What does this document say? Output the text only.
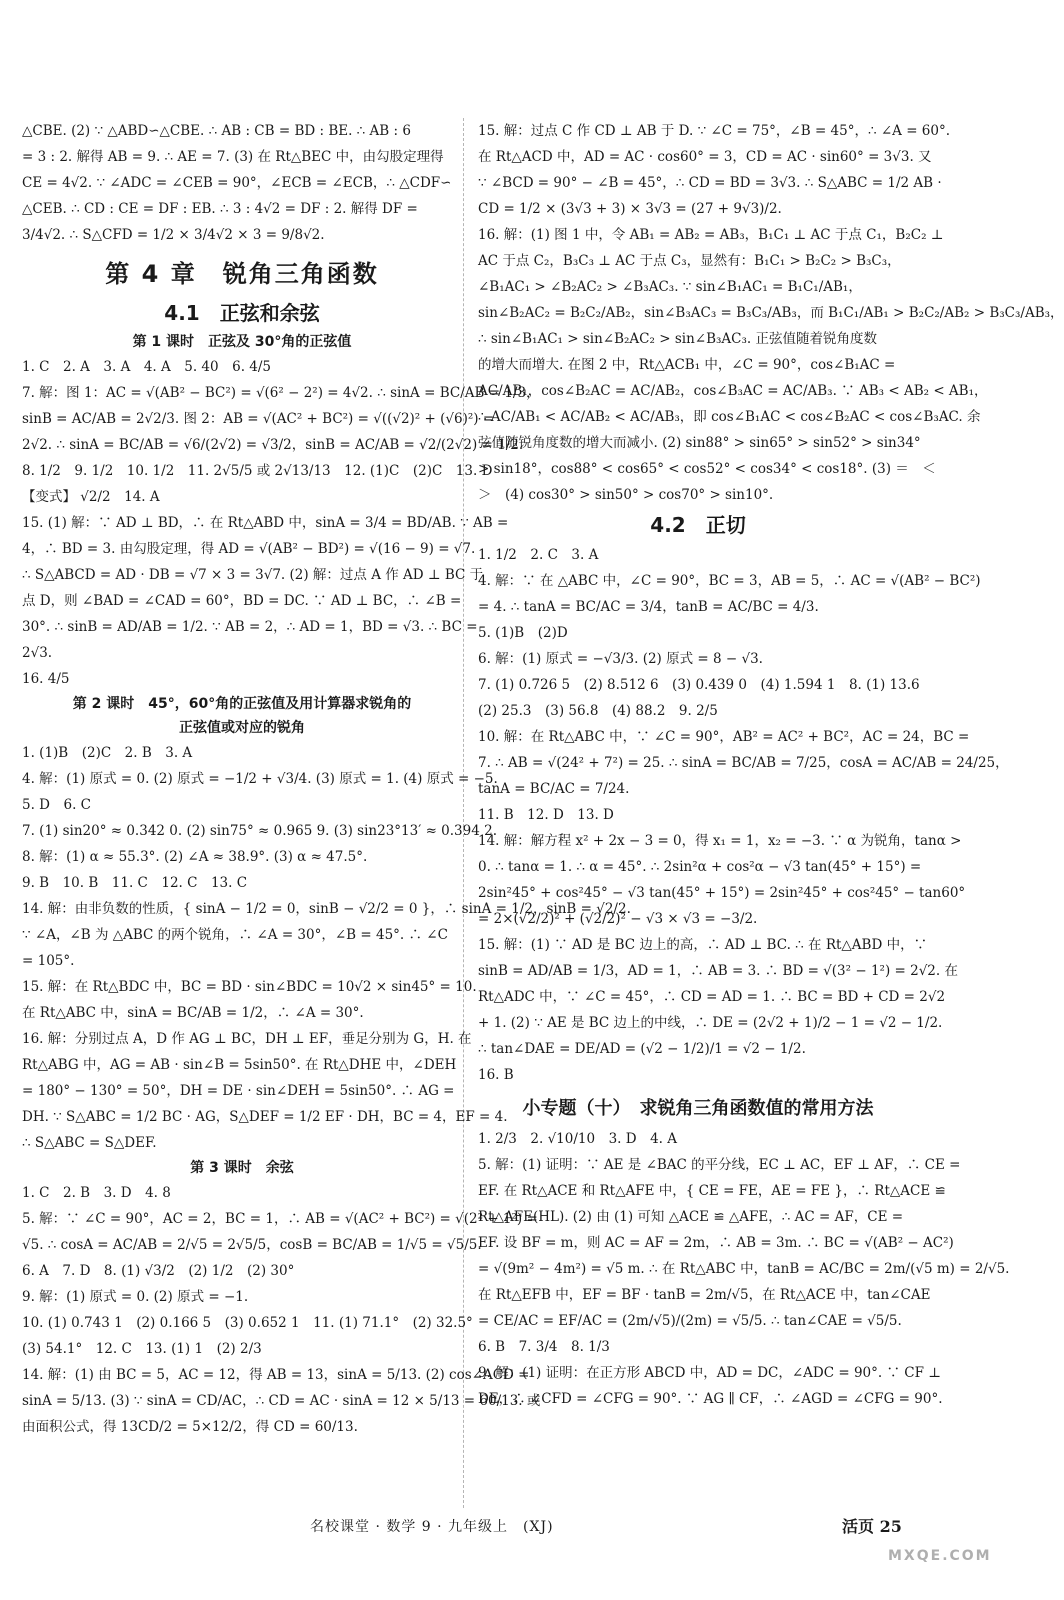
△CBE. (2) ∵ △ABD∽△CBE. ∴ AB : CB = BD : BE. ∴ AB : 6
= 3 : 2. 解得 AB = 9. ∴ AE = 7. (3) 在 Rt△BEC 中，由勾股定理得
CE = 4√2. ∵ ∠ADC = ∠CEB = 90°，∠ECB = ∠ECB，∴ △CDF∽
△CEB. ∴ CD : CE = DF : EB. ∴ 3 : 4√2 = DF : 2. 解得 DF =
3/4√2. ∴ S△CFD = 1/2 × 3/4√2 × 3 = 9/8√2.
第 4 章　锐角三角函数
4.1　正弦和余弦
第 1 课时　正弦及 30°角的正弦值
1. C　2. A　3. A　4. A　5. 40　6. 4/5
7. 解：图 1：AC = √(AB² − BC²) = √(6² − 2²) = 4√2. ∴ sinA = BC/AB = 1/3，
sinB = AC/AB = 2√2/3. 图 2：AB = √(AC² + BC²) = √((√2)² + (√6)²) =
2√2. ∴ sinA = BC/AB = √6/(2√2) = √3/2，sinB = AC/AB = √2/(2√2) = 1/2.
8. 1/2　9. 1/2　10. 1/2　11. 2√5/5 或 2√13/13　12. (1)C　(2)C　13. D
【变式】 √2/2　14. A
15. (1) 解：∵ AD ⊥ BD，∴ 在 Rt△ABD 中，sinA = 3/4 = BD/AB. ∵ AB =
4，∴ BD = 3. 由勾股定理，得 AD = √(AB² − BD²) = √(16 − 9) = √7.
∴ S△ABCD = AD · DB = √7 × 3 = 3√7. (2) 解：过点 A 作 AD ⊥ BC 于
点 D，则 ∠BAD = ∠CAD = 60°，BD = DC. ∵ AD ⊥ BC，∴ ∠B =
30°. ∴ sinB = AD/AB = 1/2. ∵ AB = 2，∴ AD = 1，BD = √3. ∴ BC =
2√3.
16. 4/5
第 2 课时　45°，60°角的正弦值及用计算器求锐角的
正弦值或对应的锐角
1. (1)B　(2)C　2. B　3. A
4. 解：(1) 原式 = 0. (2) 原式 = −1/2 + √3/4. (3) 原式 = 1. (4) 原式 = −5.
5. D　6. C
7. (1) sin20° ≈ 0.342 0. (2) sin75° ≈ 0.965 9. (3) sin23°13′ ≈ 0.394 2.
8. 解：(1) α ≈ 55.3°. (2) ∠A ≈ 38.9°. (3) α ≈ 47.5°.
9. B　10. B　11. C　12. C　13. C
14. 解：由非负数的性质，{ sinA − 1/2 = 0，sinB − √2/2 = 0 }，∴ sinA = 1/2，sinB = √2/2.
∵ ∠A，∠B 为 △ABC 的两个锐角，∴ ∠A = 30°，∠B = 45°. ∴ ∠C
= 105°.
15. 解：在 Rt△BDC 中，BC = BD · sin∠BDC = 10√2 × sin45° = 10.
在 Rt△ABC 中，sinA = BC/AB = 1/2，∴ ∠A = 30°.
16. 解：分别过点 A，D 作 AG ⊥ BC，DH ⊥ EF，垂足分别为 G，H. 在
Rt△ABG 中，AG = AB · sin∠B = 5sin50°. 在 Rt△DHE 中，∠DEH
= 180° − 130° = 50°，DH = DE · sin∠DEH = 5sin50°. ∴ AG =
DH. ∵ S△ABC = 1/2 BC · AG，S△DEF = 1/2 EF · DH，BC = 4，EF = 4.
∴ S△ABC = S△DEF.
第 3 课时　余弦
1. C　2. B　3. D　4. 8
5. 解：∵ ∠C = 90°，AC = 2，BC = 1，∴ AB = √(AC² + BC²) = √(2² + 1²) =
√5. ∴ cosA = AC/AB = 2/√5 = 2√5/5，cosB = BC/AB = 1/√5 = √5/5.
6. A　7. D　8. (1) √3/2　(2) 1/2　(2) 30°
9. 解：(1) 原式 = 0. (2) 原式 = −1.
10. (1) 0.743 1　(2) 0.166 5　(3) 0.652 1　11. (1) 71.1°　(2) 32.5°
(3) 54.1°　12. C　13. (1) 1　(2) 2/3
14. 解：(1) 由 BC = 5，AC = 12，得 AB = 13，sinA = 5/13. (2) cos∠ACD =
sinA = 5/13. (3) ∵ sinA = CD/AC，∴ CD = AC · sinA = 12 × 5/13 = 60/13. 或
由面积公式，得 13CD/2 = 5×12/2，得 CD = 60/13.
15. 解：过点 C 作 CD ⊥ AB 于 D. ∵ ∠C = 75°，∠B = 45°，∴ ∠A = 60°.
在 Rt△ACD 中，AD = AC · cos60° = 3，CD = AC · sin60° = 3√3. 又
∵ ∠BCD = 90° − ∠B = 45°，∴ CD = BD = 3√3. ∴ S△ABC = 1/2 AB ·
CD = 1/2 × (3√3 + 3) × 3√3 = (27 + 9√3)/2.
16. 解：(1) 图 1 中，令 AB₁ = AB₂ = AB₃，B₁C₁ ⊥ AC 于点 C₁，B₂C₂ ⊥
AC 于点 C₂，B₃C₃ ⊥ AC 于点 C₃，显然有：B₁C₁ > B₂C₂ > B₃C₃，
∠B₁AC₁ > ∠B₂AC₂ > ∠B₃AC₃. ∵ sin∠B₁AC₁ = B₁C₁/AB₁，
sin∠B₂AC₂ = B₂C₂/AB₂，sin∠B₃AC₃ = B₃C₃/AB₃，而 B₁C₁/AB₁ > B₂C₂/AB₂ > B₃C₃/AB₃，
∴ sin∠B₁AC₁ > sin∠B₂AC₂ > sin∠B₃AC₃. 正弦值随着锐角度数
的增大而增大. 在图 2 中，Rt△ACB₁ 中，∠C = 90°，cos∠B₁AC =
AC/AB₁，cos∠B₂AC = AC/AB₂，cos∠B₃AC = AC/AB₃. ∵ AB₃ < AB₂ < AB₁，
∴ AC/AB₁ < AC/AB₂ < AC/AB₃，即 cos∠B₁AC < cos∠B₂AC < cos∠B₃AC. 余
弦值随锐角度数的增大而减小. (2) sin88° > sin65° > sin52° > sin34°
> sin18°，cos88° < cos65° < cos52° < cos34° < cos18°. (3) ＝　＜
＞　(4) cos30° > sin50° > cos70° > sin10°.
4.2　正切
1. 1/2　2. C　3. A
4. 解：∵ 在 △ABC 中，∠C = 90°，BC = 3，AB = 5，∴ AC = √(AB² − BC²)
= 4. ∴ tanA = BC/AC = 3/4，tanB = AC/BC = 4/3.
5. (1)B　(2)D
6. 解：(1) 原式 = −√3/3. (2) 原式 = 8 − √3.
7. (1) 0.726 5　(2) 8.512 6　(3) 0.439 0　(4) 1.594 1　8. (1) 13.6
(2) 25.3　(3) 56.8　(4) 88.2　9. 2/5
10. 解：在 Rt△ABC 中，∵ ∠C = 90°，AB² = AC² + BC²，AC = 24，BC =
7. ∴ AB = √(24² + 7²) = 25. ∴ sinA = BC/AB = 7/25，cosA = AC/AB = 24/25，
tanA = BC/AC = 7/24.
11. B　12. D　13. D
14. 解：解方程 x² + 2x − 3 = 0，得 x₁ = 1，x₂ = −3. ∵ α 为锐角，tanα >
0. ∴ tanα = 1. ∴ α = 45°. ∴ 2sin²α + cos²α − √3 tan(45° + 15°) =
2sin²45° + cos²45° − √3 tan(45° + 15°) = 2sin²45° + cos²45° − tan60°
= 2×(√2/2)² + (√2/2)² − √3 × √3 = −3/2.
15. 解：(1) ∵ AD 是 BC 边上的高，∴ AD ⊥ BC. ∴ 在 Rt△ABD 中，∵
sinB = AD/AB = 1/3，AD = 1，∴ AB = 3. ∴ BD = √(3² − 1²) = 2√2. 在
Rt△ADC 中，∵ ∠C = 45°，∴ CD = AD = 1. ∴ BC = BD + CD = 2√2
+ 1. (2) ∵ AE 是 BC 边上的中线，∴ DE = (2√2 + 1)/2 − 1 = √2 − 1/2.
∴ tan∠DAE = DE/AD = (√2 − 1/2)/1 = √2 − 1/2.
16. B
小专题（十）　求锐角三角函数值的常用方法
1. 2/3　2. √10/10　3. D　4. A
5. 解：(1) 证明：∵ AE 是 ∠BAC 的平分线，EC ⊥ AC，EF ⊥ AF，∴ CE =
EF. 在 Rt△ACE 和 Rt△AFE 中，{ CE = FE，AE = FE }，∴ Rt△ACE ≌
Rt△AFE(HL). (2) 由 (1) 可知 △ACE ≌ △AFE，∴ AC = AF，CE =
EF. 设 BF = m，则 AC = AF = 2m，∴ AB = 3m. ∴ BC = √(AB² − AC²)
= √(9m² − 4m²) = √5 m. ∴ 在 Rt△ABC 中，tanB = AC/BC = 2m/(√5 m) = 2/√5.
在 Rt△EFB 中，EF = BF · tanB = 2m/√5，在 Rt△ACE 中，tan∠CAE
= CE/AC = EF/AC = (2m/√5)/(2m) = √5/5. ∴ tan∠CAE = √5/5.
6. B　7. 3/4　8. 1/3
9. 解：(1) 证明：在正方形 ABCD 中，AD = DC，∠ADC = 90°. ∵ CF ⊥
DE，∴ ∠CFD = ∠CFG = 90°. ∵ AG ∥ CF，∴ ∠AGD = ∠CFG = 90°.
名校课堂 · 数学 9 · 九年级上　(XJ)	活页 25
MXQE.COM
